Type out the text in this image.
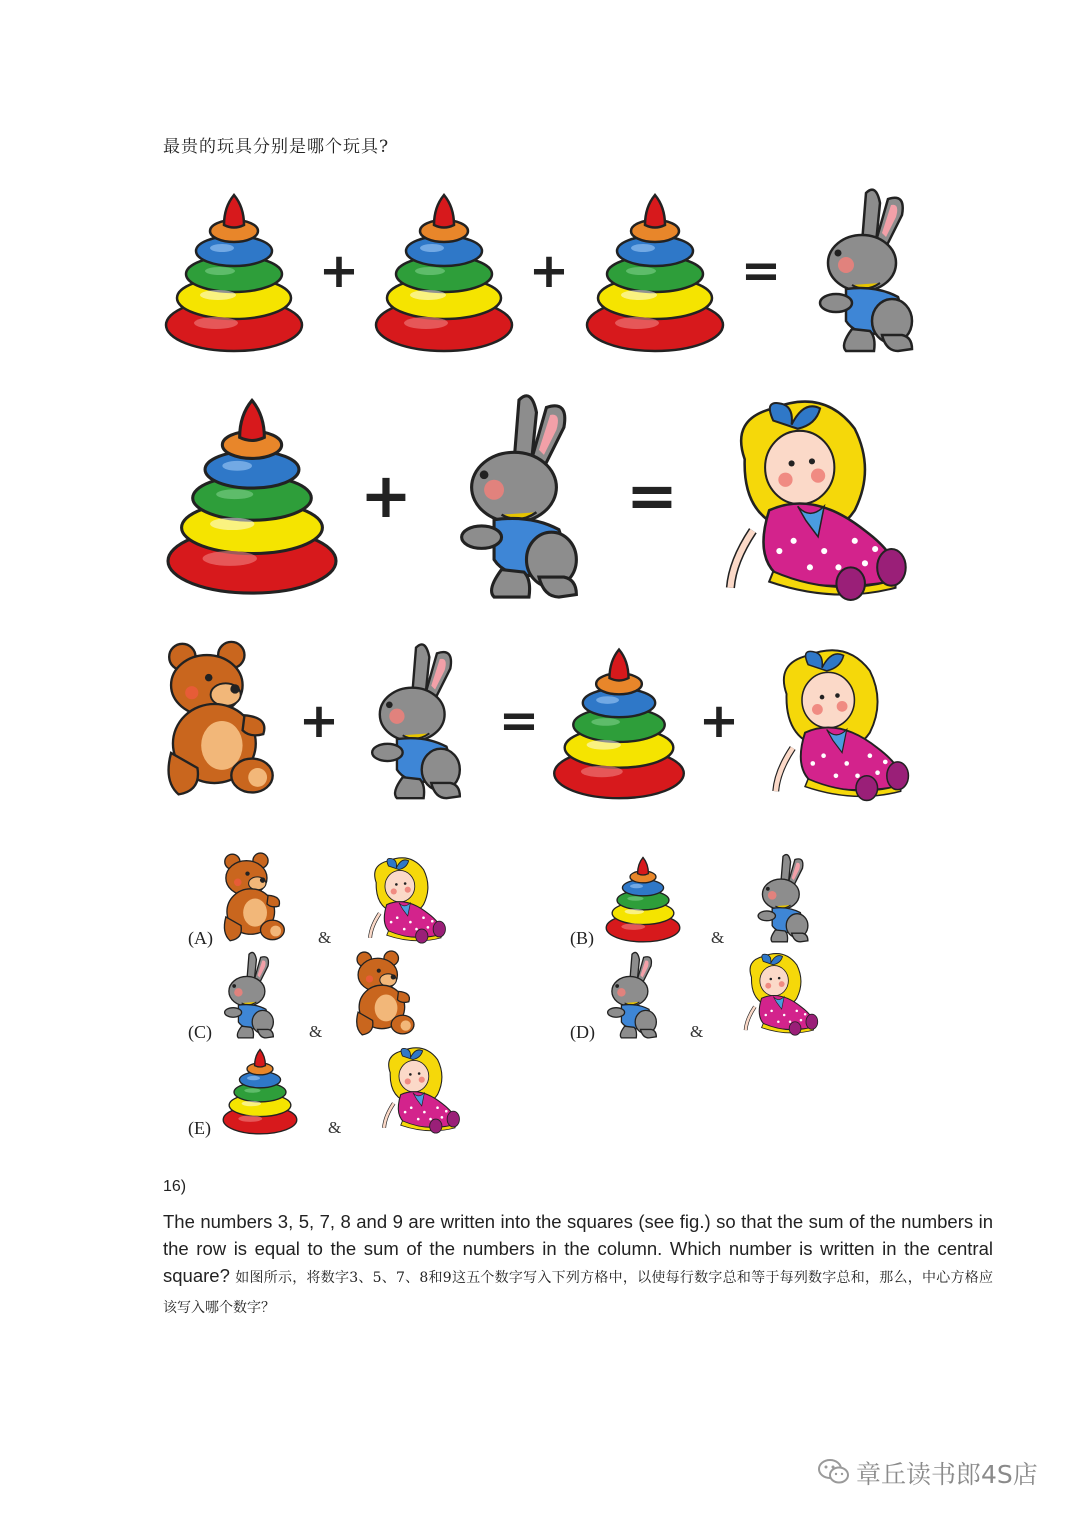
最贵的玩具分别是哪个玩具?
+	+	=
+	=
+	=	+
(A)	&	(B)	&
(C)	&	(D)	&
(E)	&
16)
The numbers 3, 5, 7, 8 and 9 are written into the squares (see fig.) so that the sum of the numbers in the row is equal to the sum of the numbers in the column. Which number is written in the central square? 如图所示，将数字3、5、7、8和9这五个数字写入下列方格中，以使每行数字总和等于每列数字总和，那么，中心方格应该写入哪个数字？
章丘读书郎4S店
